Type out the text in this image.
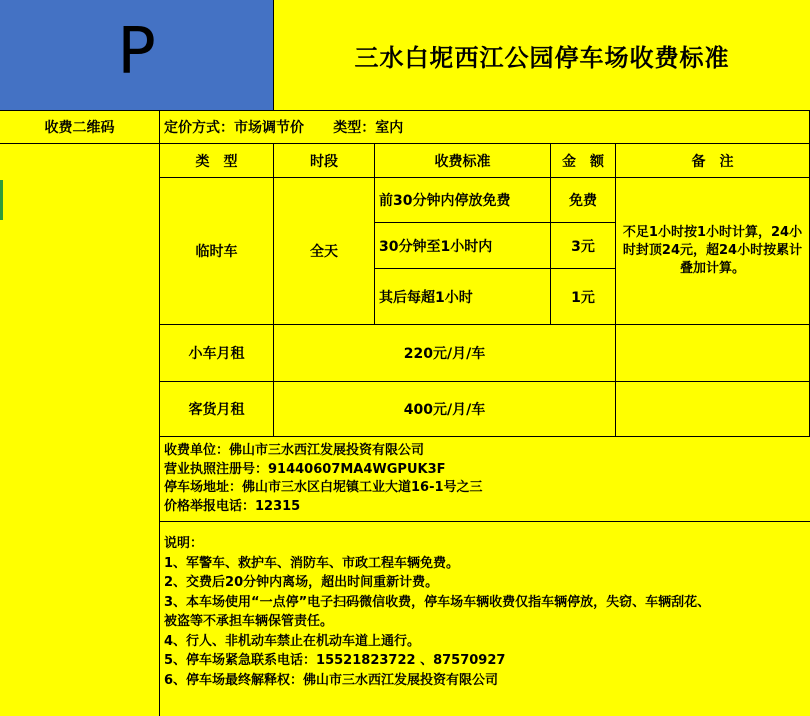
P	三水白坭西江公园停车场收费标准
收费二维码	定价方式：市场调节价      类型：室内
类　型	时段	收费标准	金　额	备　注
临时车	全天
前30分钟内停放免费	免费
30分钟至1小时内	3元
其后每超1小时	1元
不足1小时按1小时计算，24小时封顶24元，超24小时按累计叠加计算。
小车月租	220元/月/车
客货月租	400元/月/车
收费单位：佛山市三水西江发展投资有限公司
营业执照注册号：91440607MA4WGPUK3F
停车场地址：佛山市三水区白坭镇工业大道16-1号之三
价格举报电话：12315
说明：
1、军警车、救护车、消防车、市政工程车辆免费。
2、交费后20分钟内离场，超出时间重新计费。
3、本车场使用“一点停”电子扫码微信收费，停车场车辆收费仅指车辆停放，失窃、车辆刮花、
被盗等不承担车辆保管责任。
4、行人、非机动车禁止在机动车道上通行。
5、停车场紧急联系电话：15521823722 、87570927
6、停车场最终解释权：佛山市三水西江发展投资有限公司
